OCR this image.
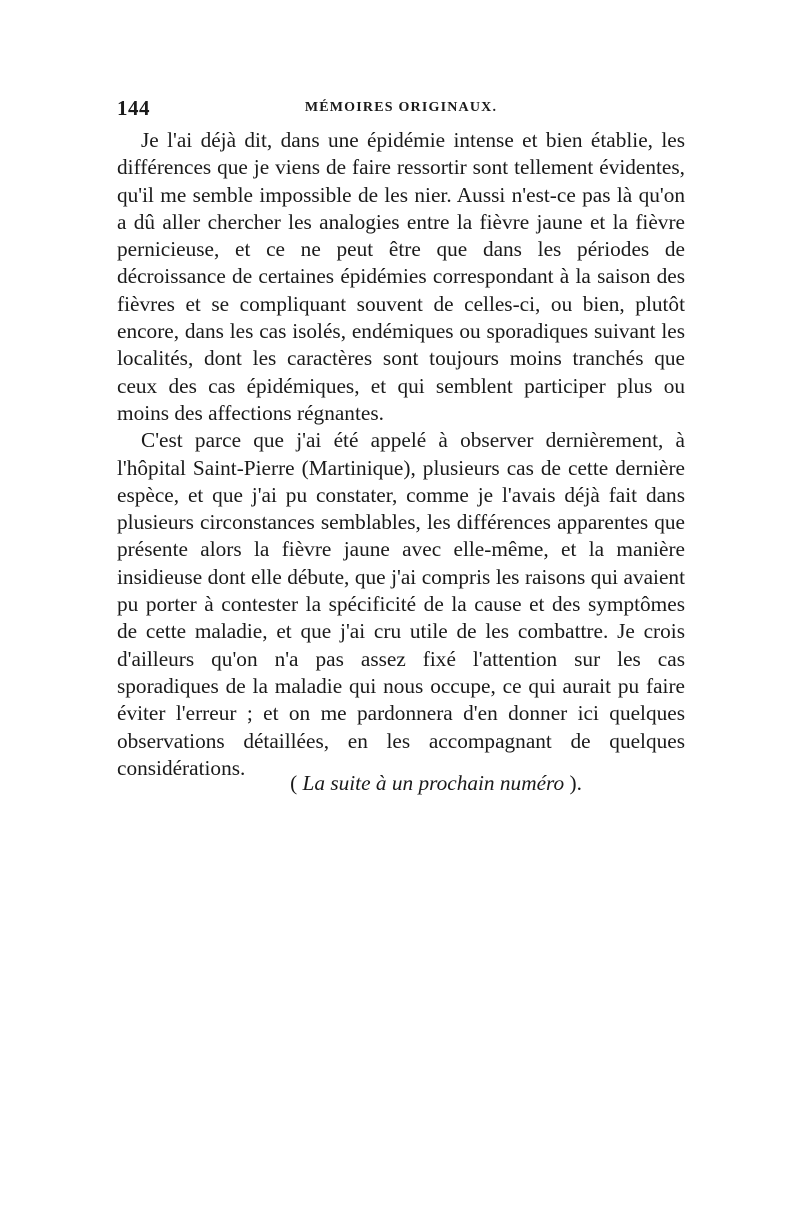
144	MÉMOIRES ORIGINAUX.

Je l'ai déjà dit, dans une épidémie intense et bien établie, les différences que je viens de faire ressortir sont tellement évidentes, qu'il me semble impossible de les nier. Aussi n'est-ce pas là qu'on a dû aller chercher les analogies entre la fièvre jaune et la fièvre pernicieuse, et ce ne peut être que dans les périodes de décroissance de certaines épidémies correspondant à la saison des fièvres et se compliquant souvent de celles-ci, ou bien, plutôt encore, dans les cas isolés, endémiques ou sporadiques suivant les localités, dont les caractères sont toujours moins tranchés que ceux des cas épidémiques, et qui semblent participer plus ou moins des affections régnantes.

C'est parce que j'ai été appelé à observer dernièrement, à l'hôpital Saint-Pierre (Martinique), plusieurs cas de cette dernière espèce, et que j'ai pu constater, comme je l'avais déjà fait dans plusieurs circonstances semblables, les différences apparentes que présente alors la fièvre jaune avec elle-même, et la manière insidieuse dont elle débute, que j'ai compris les raisons qui avaient pu porter à contester la spécificité de la cause et des symptômes de cette maladie, et que j'ai cru utile de les combattre. Je crois d'ailleurs qu'on n'a pas assez fixé l'attention sur les cas sporadiques de la maladie qui nous occupe, ce qui aurait pu faire éviter l'erreur ; et on me pardonnera d'en donner ici quelques observations détaillées, en les accompagnant de quelques considérations.

( La suite à un prochain numéro ).
